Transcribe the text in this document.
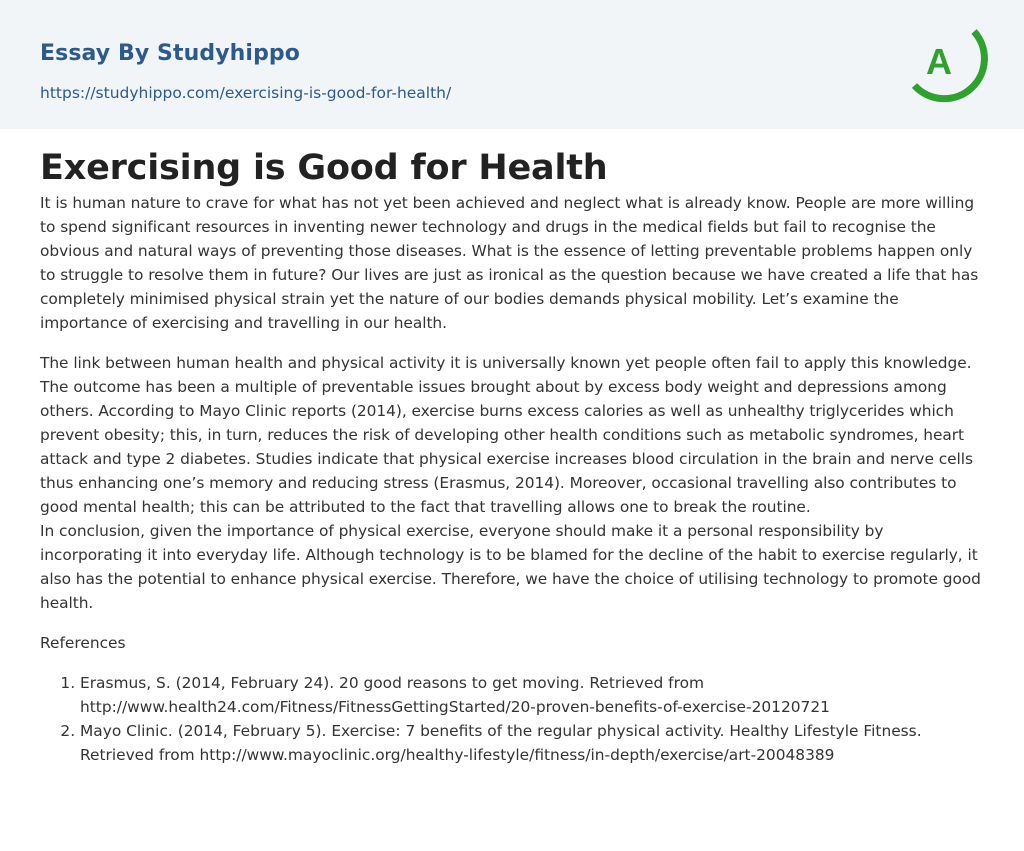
Essay By Studyhippo
https://studyhippo.com/exercising-is-good-for-health/
A
Exercising is Good for Health

It is human nature to crave for what has not yet been achieved and neglect what is already know. People are more willing to spend significant resources in inventing newer technology and drugs in the medical fields but fail to recognise the obvious and natural ways of preventing those diseases. What is the essence of letting preventable problems happen only to struggle to resolve them in future? Our lives are just as ironical as the question because we have created a life that has completely minimised physical strain yet the nature of our bodies demands physical mobility. Let’s examine the importance of exercising and travelling in our health.

The link between human health and physical activity it is universally known yet people often fail to apply this knowledge. The outcome has been a multiple of preventable issues brought about by excess body weight and depressions among others. According to Mayo Clinic reports (2014), exercise burns excess calories as well as unhealthy triglycerides which prevent obesity; this, in turn, reduces the risk of developing other health conditions such as metabolic syndromes, heart attack and type 2 diabetes. Studies indicate that physical exercise increases blood circulation in the brain and nerve cells thus enhancing one’s memory and reducing stress (Erasmus, 2014). Moreover, occasional travelling also contributes to good mental health; this can be attributed to the fact that travelling allows one to break the routine.

In conclusion, given the importance of physical exercise, everyone should make it a personal responsibility by incorporating it into everyday life. Although technology is to be blamed for the decline of the habit to exercise regularly, it also has the potential to enhance physical exercise. Therefore, we have the choice of utilising technology to promote good health.

References

1. Erasmus, S. (2014, February 24). 20 good reasons to get moving. Retrieved from http://www.health24.com/Fitness/FitnessGettingStarted/20-proven-benefits-of-exercise-20120721
2. Mayo Clinic. (2014, February 5). Exercise: 7 benefits of the regular physical activity. Healthy Lifestyle Fitness. Retrieved from http://www.mayoclinic.org/healthy-lifestyle/fitness/in-depth/exercise/art-20048389
